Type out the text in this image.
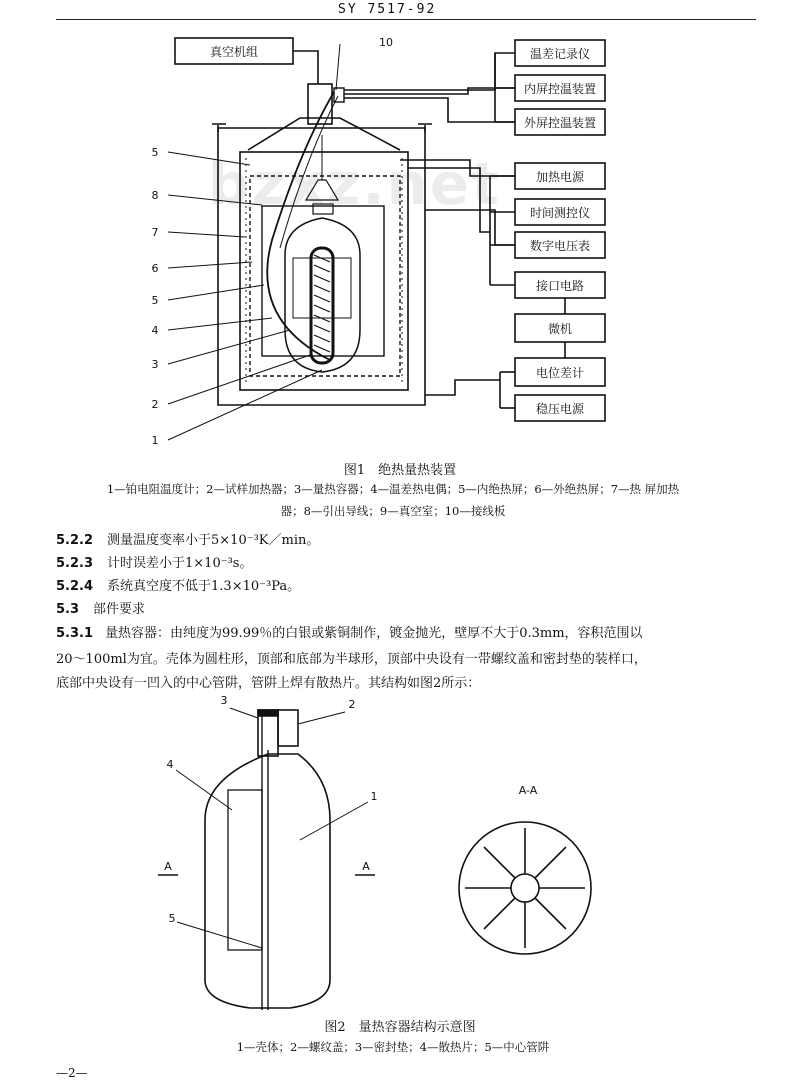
SY 7517-92
bzxz.net
真空机组	温差记录仪
内屏控温装置
外屏控温装置
加热电源
时间测控仪
数字电压表
接口电路
微机
电位差计
稳压电源
5
8
7
6
5
4
3
2
1
10
图1　绝热量热装置
1—铂电阻温度计；2—试样加热器；3—量热容器；4—温差热电偶；5—内绝热屏；6—外绝热屏；7—热 屏加热
器；8—引出导线；9—真空室；10—接线板
5.2.2 测量温度变率小于5×10⁻³K／min。
5.2.3 计时误差小于1×10⁻³s。
5.2.4 系统真空度不低于1.3×10⁻³Pa。
5.3 部件要求
5.3.1 量热容器：由纯度为99.99％的白银或紫铜制作，镀金抛光，壁厚不大于0.3mm，容积范围以
20～100ml为宜。壳体为圆柱形，顶部和底部为半球形，顶部中央设有一带螺纹盖和密封垫的装样口，
底部中央设有一凹入的中心管阱，管阱上焊有散热片。其结构如图2所示：
3	2
4
1
5
A-A
A	A
图2　量热容器结构示意图
1—壳体；2—螺纹盖；3—密封垫；4—散热片；5—中心管阱
—2—
